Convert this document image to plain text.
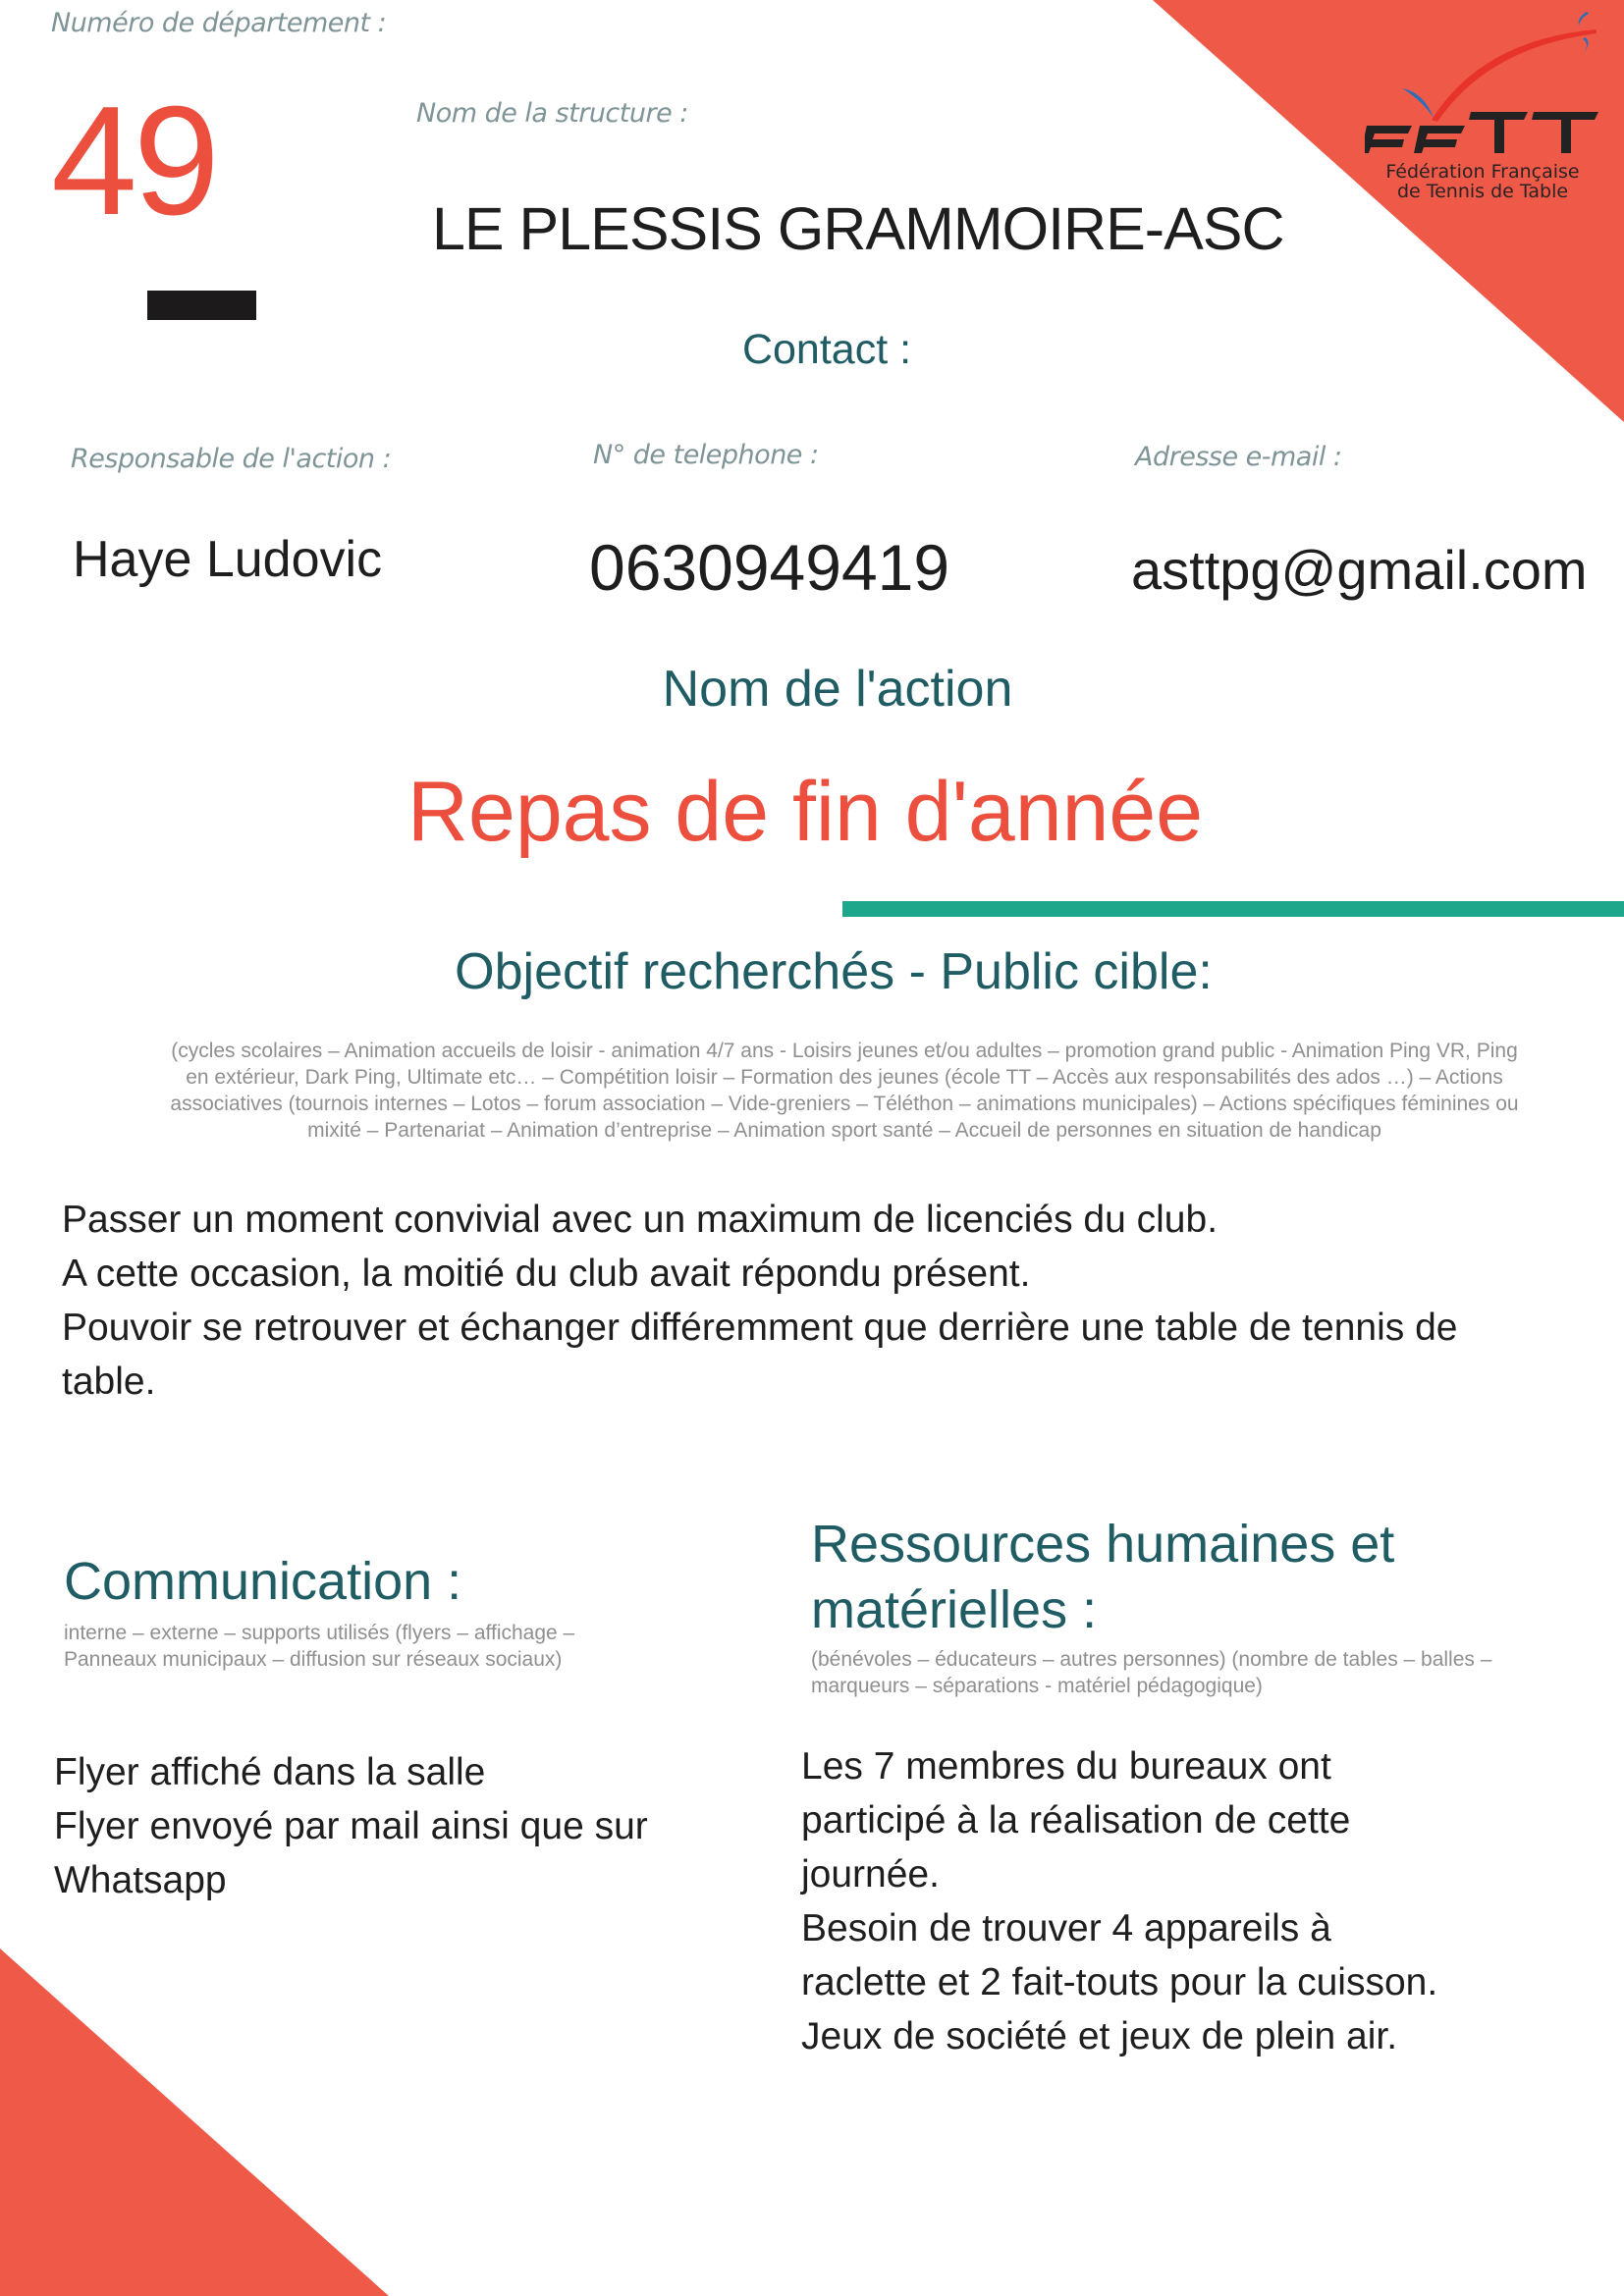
Fédération Française
de Tennis de Table
Numéro de département :
49	Nom de la structure :
LE PLESSIS GRAMMOIRE-ASC
Contact :
Responsable de l'action :	N° de telephone :	Adresse e-mail :
Haye Ludovic	0630949419	asttpg@gmail.com
Nom de l'action
Repas de fin d'année
Objectif recherchés - Public cible:
(cycles scolaires – Animation accueils de loisir - animation 4/7 ans - Loisirs jeunes et/ou adultes – promotion grand public - Animation Ping VR, Ping en extérieur, Dark Ping, Ultimate etc… – Compétition loisir – Formation des jeunes (école TT – Accès aux responsabilités des ados …) – Actions associatives (tournois internes – Lotos – forum association – Vide-greniers – Téléthon – animations municipales) – Actions spécifiques féminines ou mixité – Partenariat – Animation d’entreprise – Animation sport santé – Accueil de personnes en situation de handicap
Passer un moment convivial avec un maximum de licenciés du club.
A cette occasion, la moitié du club avait répondu présent.
Pouvoir se retrouver et échanger différemment que derrière une table de tennis de
table.
Communication :
interne – externe – supports utilisés (flyers – affichage – Panneaux municipaux – diffusion sur réseaux sociaux)
Flyer affiché dans la salle
Flyer envoyé par mail ainsi que sur
Whatsapp
Ressources humaines et
matérielles :
(bénévoles – éducateurs – autres personnes) (nombre de tables – balles – marqueurs – séparations - matériel pédagogique)
Les 7 membres du bureaux ont
participé à la réalisation de cette
journée.
Besoin de trouver 4 appareils à
raclette et 2 fait-touts pour la cuisson.
Jeux de société et jeux de plein air.
